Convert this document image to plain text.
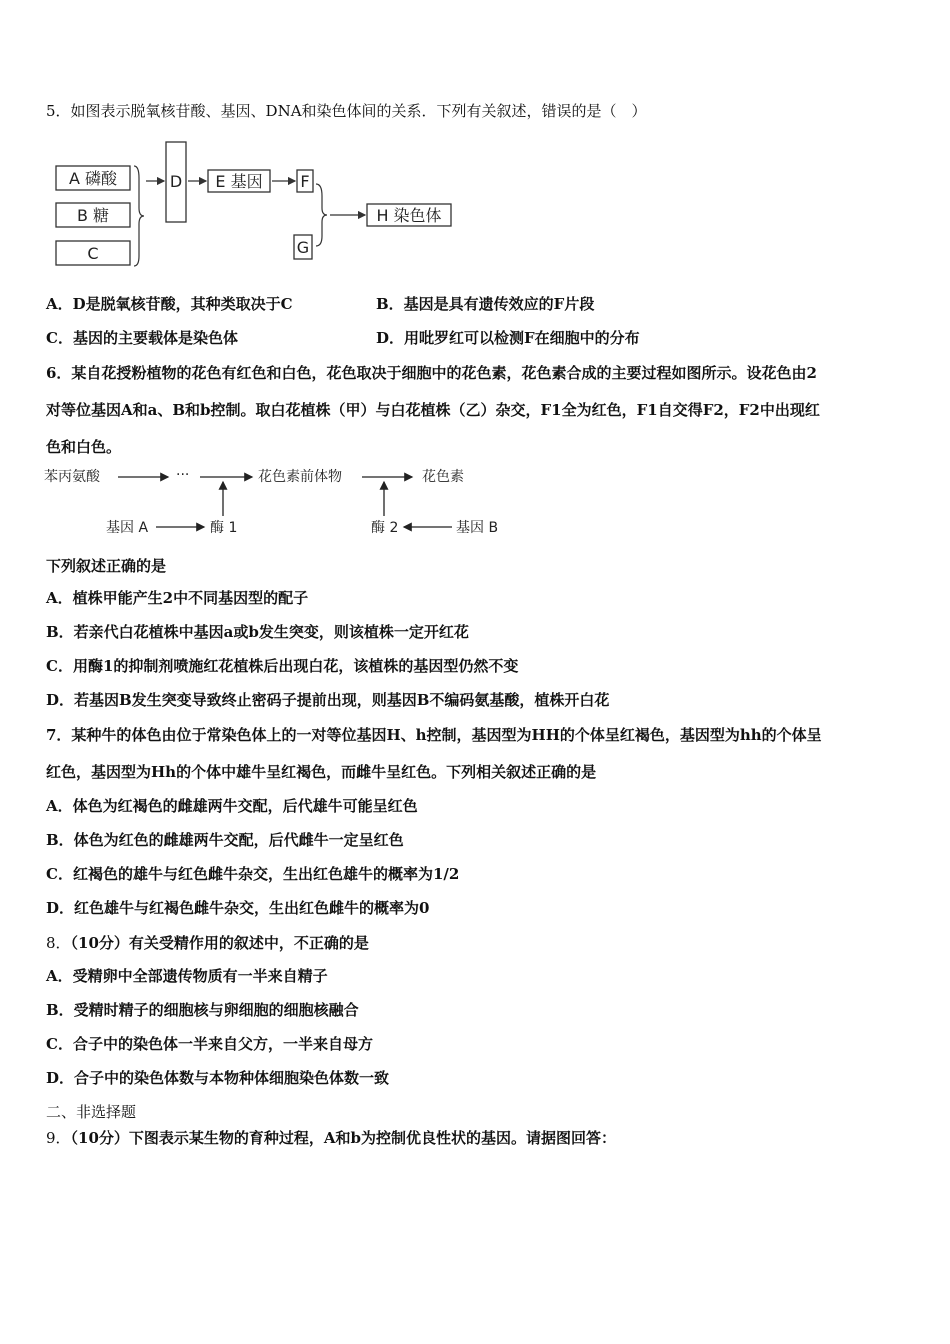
5．如图表示脱氧核苷酸、基因、DNA和染色体间的关系．下列有关叙述，错误的是（　）
A 磷酸
B 糖
C
D E 基因 F
G
H 染色体
A．D是脱氧核苷酸，其种类取决于C	B．基因是具有遗传效应的F片段
C．基因的主要载体是染色体	D．用吡罗红可以检测F在细胞中的分布
6．某自花授粉植物的花色有红色和白色，花色取决于细胞中的花色素，花色素合成的主要过程如图所示。设花色由2
对等位基因A和a、B和b控制。取白花植株（甲）与白花植株（乙）杂交，F1全为红色，F1自交得F2，F2中出现红
色和白色。
苯丙氨酸	···	花色素前体物	花色素
基因 A	酶 1	酶 2	基因 B
下列叙述正确的是
A．植株甲能产生2中不同基因型的配子
B．若亲代白花植株中基因a或b发生突变，则该植株一定开红花
C．用酶1的抑制剂喷施红花植株后出现白花，该植株的基因型仍然不变
D．若基因B发生突变导致终止密码子提前出现，则基因B不编码氨基酸，植株开白花
7．某种牛的体色由位于常染色体上的一对等位基因H、h控制，基因型为HH的个体呈红褐色，基因型为hh的个体呈
红色，基因型为Hh的个体中雄牛呈红褐色，而雌牛呈红色。下列相关叙述正确的是
A．体色为红褐色的雌雄两牛交配，后代雄牛可能呈红色
B．体色为红色的雌雄两牛交配，后代雌牛一定呈红色
C．红褐色的雄牛与红色雌牛杂交，生出红色雄牛的概率为1/2
D．红色雄牛与红褐色雌牛杂交，生出红色雌牛的概率为0
8．（10分）有关受精作用的叙述中，不正确的是
A．受精卵中全部遗传物质有一半来自精子
B．受精时精子的细胞核与卵细胞的细胞核融合
C．合子中的染色体一半来自父方，一半来自母方
D．合子中的染色体数与本物种体细胞染色体数一致
二、非选择题
9．（10分）下图表示某生物的育种过程，A和b为控制优良性状的基因。请据图回答：
